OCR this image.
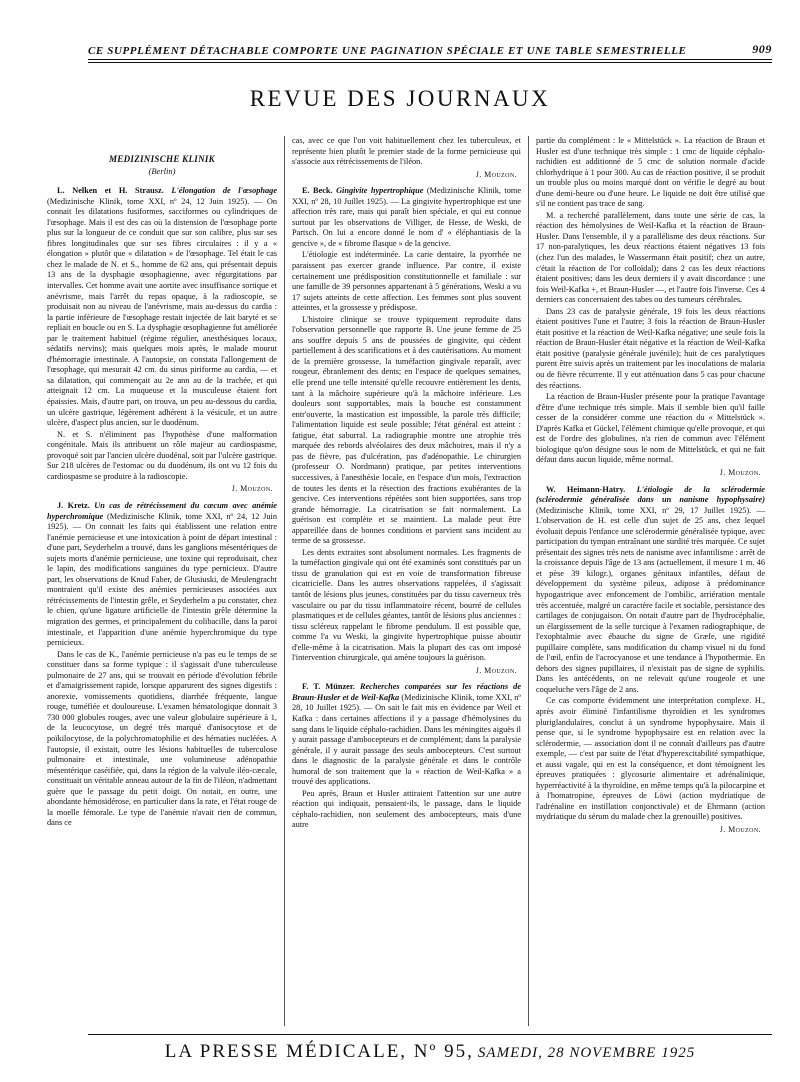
CE SUPPLÉMENT DÉTACHABLE COMPORTE UNE PAGINATION SPÉCIALE ET UNE TABLE SEMESTRIELLE	909
REVUE DES JOURNAUX
MEDIZINISCHE KLINIK
(Berlin)

L. Nelken et H. Strausz. L'élongation de l'œsophage (Medizinische Klinik, tome XXI, nº 24, 12 Juin 1925). — On connait les dilatations fusiformes, sacciformes ou cylindriques de l'œsophage. Mais il est des cas où la distension de l'œsophage porte plus sur la longueur de ce conduit que sur son calibre, plus sur ses fibres longitudinales que sur ses fibres circulaires : il y a « élongation » plutôt que « dilatation » de l'œsophage. Tel était le cas chez le malade de N. et S., homme de 62 ans, qui présentait depuis 13 ans de la dysphagie œsophagienne, avec régurgitations par intervalles. Cet homme avait une aortite avec insuffisance sortique et anévrisme, mais l'arrêt du repas opaque, à la radioscopie, se produisait non au niveau de l'anévrisme, mais au-dessus du cardia : la partie inférieure de l'œsophage restait injectée de lait baryté et se repliait en boucle ou en S. La dysphagie œsophagienne fut améliorée par le traitement habituel (régime régulier, anesthésiques locaux, sédatifs nervins); mais quelques mois après, le malade mourut d'hémorragie intestinale. A l'autopsie, on constata l'allongement de l'œsophage, qui mesurait 42 cm. du sinus piriforme au cardia, — et sa dilatation, qui commençait au 2e ann au de la trachée, et qui atteignait 12 cm. La muqueuse et la musculeuse étaient fort épaissies. Mais, d'autre part, on trouva, un peu au-dessous du cardia, un ulcère gastrique, légèrement adhérent à la vésicule, et un autre ulcère, d'aspect plus ancien, sur le duodénum.

N. et S. n'éliminent pas l'hypothèse d'une malformation congénitale. Mais ils attribuent un rôle majeur au cardiospasme, provoqué soit par l'ancien ulcère duodénal, soit par l'ulcère gastrique. Sur 218 ulcères de l'estomac ou du duodénum, ils ont vu 12 fois du cardiospasme se produire à la radioscopie.

J. Mouzon.

J. Kretz. Un cas de rétrécissement du cæcum avec anémie hyperchromique (Medizinische Klinik, tome XXI, nº 24, 12 Juin 1925). — On connait les faits qui établissent une relation entre l'anémie pernicieuse et une intoxication à point de départ intestinal : d'une part, Seyderhelm a trouvé, dans les ganglions mésentériques de sujets morts d'anémie pernicieuse, une toxine qui reproduisait, chez le lapin, des modifications sanguines du type pernicieux. D'autre part, les observations de Knud Faber, de Glusiuski, de Meulengracht montraient qu'il existe des anémies pernicieuses associées aux rétrécissements de l'intestin grêle, et Seyderhelm a pu constater, chez le chien, qu'une ligature artificielle de l'intestin grêle détermine la migration des germes, et principalement du colibacille, dans la paroi intestinale, et l'apparition d'une anémie hyperchromique du type pernicieux.

Dans le cas de K., l'anémie pernicieuse n'a pas eu le temps de se constituer dans sa forme typique : il s'agissait d'une tuberculeuse pulmonaire de 27 ans, qui se trouvait en période d'évolution fébrile et d'amaigrissement rapide, lorsque apparurent des signes digestifs : anorexie, vomissements quotidiens, diarrhée fréquente, langue rouge, tuméfiée et douloureuse. L'examen hématologique donnait 3 730 000 globules rouges, avec une valeur globulaire supérieure à 1, de la leucocytose, un degré très marqué d'anisocytose et de poïkilocytose, de la polychromatophilie et des hématies nucléées. A l'autopsie, il existait, outre les lésions habituelles de tuberculose pulmonaire et intestinale, une volumineuse adénopathie mésentérique caséifiée, qui, dans la région de la valvule iléo-cæcale, constituait un véritable anneau autour de la fin de l'iléon, n'admettant guère que le passage du petit doigt. On notait, en outre, une abondante hémosidérose, en particulier dans la rate, et l'état rouge de la moelle fémorale. Le type de l'anémie n'avait rien de commun, dans ce

cas, avec ce que l'on voit habituellement chez les tuberculeux, et représente bien plutôt le premier stade de la forme pernicieuse qui s'associe aux rétrécissements de l'iléon.

J. Mouzon.

E. Beck. Gingivite hypertrophique (Medizinische Klinik, tome XXI, nº 28, 10 Juillet 1925). — La gingivite hypertrophique est une affection très rare, mais qui paraît bien spéciale, et qui est connue surtout par les observations de Villiger, de Hesse, de Weski, de Partsch. On lui a encore donné le nom d' « éléphantiasis de la gencive », de « fibrome flasque » de la gencive.

L'étiologie est indéterminée. La carie dentaire, la pyorrhée ne paraissent pas exercer grande influence. Par contre, il existe certainement une prédisposition constitutionnelle et familiale : sur une famille de 39 personnes appartenant à 5 générations, Weski a vu 17 sujets atteints de cette affection. Les femmes sont plus souvent atteintes, et la grossesse y prédispose.

L'histoire clinique se trouve typiquement reproduite dans l'observation personnelle que rapporte B. Une jeune femme de 25 ans souffre depuis 5 ans de poussées de gingivite, qui cèdent partiellement à des scarifications et à des cautérisations. Au moment de la première grossesse, la tuméfaction gingivale reparaît, avec rougeur, ébranlement des dents; en l'espace de quelques semaines, elle prend une telle intensité qu'elle recouvre entièrement les dents, tant à la mâchoire supérieure qu'à la mâchoire inférieure. Les douleurs sont supportables, mais la bouche est constamment entr'ouverte, la mastication est impossible, la parole très difficile; l'alimentation liquide est seule possible; l'état général est atteint : fatigue, état saburral. La radiographie montre une atrophie très marquée des rebords alvéolaires des deux mâchoires, mais il n'y a pas de fièvre, pas d'ulcération, pas d'adénopathie. Le chirurgien (professeur O. Nordmann) pratique, par petites interventions successives, à l'anesthésie locale, en l'espace d'un mois, l'extraction de toutes les dents et la résection des fractions exubérantes de la gencive. Ces interventions répétées sont bien supportées, sans trop grande hémorragie. La cicatrisation se fait normalement. La guérison est complète et se maintient. La malade peut être appareillée dans de bonnes conditions et parvient sans incident au terme de sa grossesse.

Les dents extraites sont absolument normales. Les fragments de la tuméfaction gingivale qui ont été examinés sont constitués par un tissu de granulation qui est en voie de transformation fibreuse cicatricielle. Dans les autres observations rappelées, il s'agissait tantôt de lésions plus jeunes, constituées par du tissu caverneux très vasculaire ou par du tissu inflammatoire récent, bourré de cellules plasmatiques et de cellules géantes, tantôt de lésions plus anciennes : tissu scléreux rappelant le fibrome pendulum. Il est possible que, comme l'a vu Weski, la gingivite hypertrophique puisse aboutir d'elle-même à la cicatrisation. Mais la plupart des cas ont imposé l'intervention chirurgicale, qui amène toujours la guérison.

J. Mouzon.

F. T. Münzer. Recherches comparées sur les réactions de Braun-Husler et de Weil-Kafka (Medizinische Klinik, tome XXI, nº 28, 10 Juillet 1925). — On sait le fait mis en évidence par Weil et Kafka : dans certaines affections il y a passage d'hémolysines du sang dans le liquide céphalo-rachidien. Dans les méningites aiguës il y aurait passage d'ambocepteurs et de complément; dans la paralysie générale, il y aurait passage des seuls ambocepteurs. C'est surtout dans le diagnostic de la paralysie générale et dans le contrôle humoral de son traitement que la « réaction de Weil-Kafka » a trouvé des applications.

Peu après, Braun et Husler attiraient l'attention sur une autre réaction qui indiquait, pensaient-ils, le passage, dans le liquide céphalo-rachidien, non seulement des ambocepteurs, mais d'une autre

partie du complément : le « Mittelstück ». La réaction de Braun et Husler est d'une technique très simple : 1 cmc de liquide céphalo-rachidien est additionné de 5 cmc de solution normale d'acide chlorhydrique à 1 pour 300. Au cas de réaction positive, il se produit un trouble plus ou moins marqué dont on vérifie le degré au bout d'une demi-heure ou d'une heure. Le liquide ne doit être utilisé que s'il ne contient pas trace de sang.

M. a recherché parallèlement, dans toute une série de cas, la réaction des hémolysines de Weil-Kafka et la réaction de Braun-Husler. Dans l'ensemble, il y a parallélisme des deux réactions. Sur 17 non-paralytiques, les deux réactions étaient négatives 13 fois (chez l'un des malades, le Wassermann était positif; chez un autre, c'était la réaction de l'or colloïdal); dans 2 cas les deux réactions étaient positives; dans les deux derniers il y avait discordance : une fois Weil-Kafka +, et Braun-Husler —, et l'autre fois l'inverse. Ces 4 derniers cas concernaient des tabes ou des tumeurs cérébrales.

Dans 23 cas de paralysie générale, 19 fois les deux réactions étaient positives l'une et l'autre; 3 fois la réaction de Braun-Husler était positive et la réaction de Weil-Kafka négative; une seule fois la réaction de Braun-Husler était négative et la réaction de Weil-Kafka était positive (paralysie générale juvénile); huit de ces paralytiques purent être suivis après un traitement par les inoculations de malaria ou de fièvre récurrente. Il y eut atténuation dans 5 cas pour chacune des réactions.

La réaction de Braun-Husler présente pour la pratique l'avantage d'être d'une technique très simple. Mais il semble bien qu'il faille cesser de la considérer comme une réaction du « Mittelstück ». D'après Kafka et Gückel, l'élément chimique qu'elle provoque, et qui est de l'ordre des globulines, n'a rien de commun avec l'élément biologique qu'on désigne sous le nom de Mittelstück, et qui ne fait défaut dans aucun liquide, même normal.

J. Mouzon.

W. Heimann-Hatry. L'étiologie de la sclérodermie (sclérodermie généralisée dans un nanisme hypophysaire) (Medizinische Klinik, tome XXI, nº 29, 17 Juillet 1925). — L'observation de H. est celle d'un sujet de 25 ans, chez lequel évoluait depuis l'enfance une sclérodermie généralisée typique, avec participation du tympan entraînant une surdité très marquée. Ce sujet présentait des signes très nets de nanisme avec infantilisme : arrêt de la croissance depuis l'âge de 13 ans (actuellement, il mesure 1 m. 46 et pèse 39 kilogr.), organes génitaux infantiles, défaut de développement du système pileux, adipose à prédominance hypogastrique avec enfoncement de l'ombilic, arriération mentale très accentuée, malgré un caractère facile et sociable, persistance des cartilages de conjugaison. On notait d'autre part de l'hydrocéphalie, un élargissement de la selle turcique à l'examen radiographique, de l'exophtalmie avec ébauche du signe de Græfe, une rigidité pupillaire complète, sans modification du champ visuel ni du fond de l'œil, enfin de l'acrocyanose et une tendance à l'hypothermie. En dehors des signes pupillaires, il n'existait pas de signe de syphilis. Dans les antécédents, on ne relevait qu'une rougeole et une coqueluche vers l'âge de 2 ans.

Ce cas comporte évidemment une interprétation complexe. H., après avoir éliminé l'infantilisme thyroïdien et les syndromes pluriglandulaires, conclut à un syndrome hypophysaire. Mais il pense que, si le syndrome hypophysaire est en relation avec la sclérodermie, — association dont il ne connaît d'ailleurs pas d'autre exemple, — c'est par suite de l'état d'hyperexcitabilité sympathique, et aussi vagale, qui en est la conséquence, et dont témoignent les épreuves pratiquées : glycosurie alimentaire et adrénalinique, hyperréactivité à la thyroïdine, en même temps qu'à la pilocarpine et à l'homatropine, épreuves de Löwi (action mydriatique de l'adrénaline en instillation conjonctivale) et de Ehrmann (action mydriatique du sérum du malade chez la grenouille) positives.

J. Mouzon.
LA PRESSE MÉDICALE, Nº 95, SAMEDI, 28 NOVEMBRE 1925
